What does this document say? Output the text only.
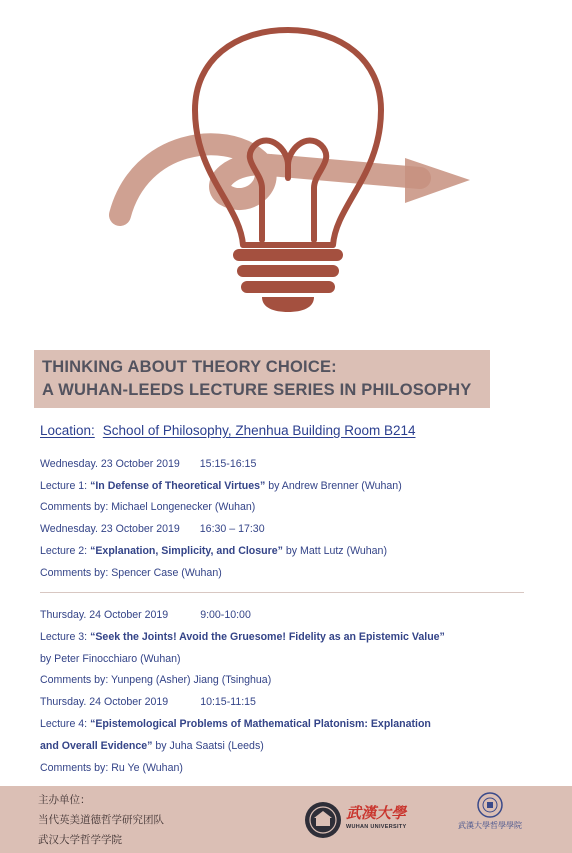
THINKING ABOUT THEORY CHOICE:
A WUHAN-LEEDS LECTURE SERIES IN PHILOSOPHY
Location: School of Philosophy, Zhenhua Building Room B214
Wednesday. 23 October 2019 15:15-16:15
Lecture 1: “In Defense of Theoretical Virtues” by Andrew Brenner (Wuhan)
Comments by: Michael Longenecker (Wuhan)
Wednesday. 23 October 2019 16:30 – 17:30
Lecture 2: “Explanation, Simplicity, and Closure” by Matt Lutz (Wuhan)
Comments by: Spencer Case (Wuhan)
Thursday. 24 October 2019	9:00-10:00
Lecture 3: “Seek the Joints! Avoid the Gruesome! Fidelity as an Epistemic Value”
by Peter Finocchiaro (Wuhan)
Comments by: Yunpeng (Asher) Jiang (Tsinghua)
Thursday. 24 October 2019	10:15-11:15
Lecture 4: “Epistemological Problems of Mathematical Platonism: Explanation
and Overall Evidence” by Juha Saatsi (Leeds)
Comments by: Ru Ye (Wuhan)
主办单位：
当代英美道德哲学研究团队
武汉大学哲学学院
武漢大學
WUHAN UNIVERSITY	武漢大學哲學學院
